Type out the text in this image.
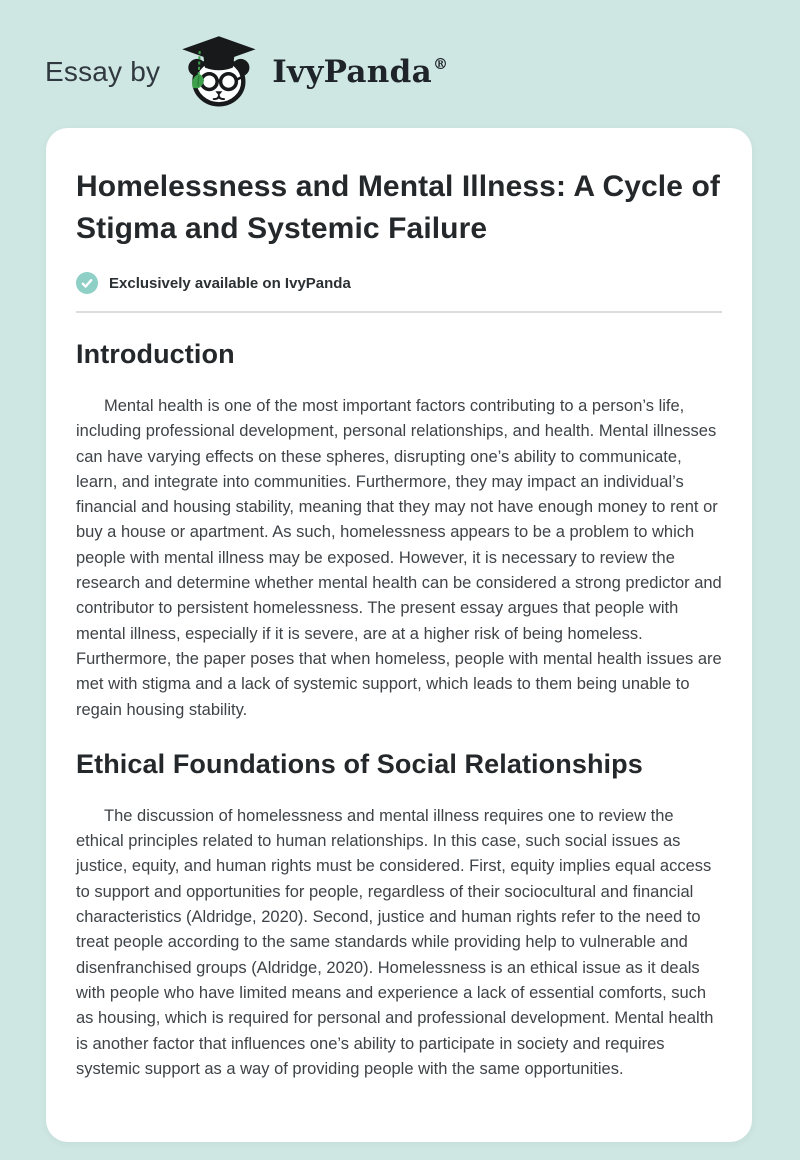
Essay by	IvyPanda®
Homelessness and Mental Illness: A Cycle of Stigma and Systemic Failure
Exclusively available on IvyPanda
Introduction

Mental health is one of the most important factors contributing to a person’s life, including professional development, personal relationships, and health. Mental illnesses can have varying effects on these spheres, disrupting one’s ability to communicate, learn, and integrate into communities. Furthermore, they may impact an individual’s financial and housing stability, meaning that they may not have enough money to rent or buy a house or apartment. As such, homelessness appears to be a problem to which people with mental illness may be exposed. However, it is necessary to review the research and determine whether mental health can be considered a strong predictor and contributor to persistent homelessness. The present essay argues that people with mental illness, especially if it is severe, are at a higher risk of being homeless. Furthermore, the paper poses that when homeless, people with mental health issues are met with stigma and a lack of systemic support, which leads to them being unable to regain housing stability.

Ethical Foundations of Social Relationships

The discussion of homelessness and mental illness requires one to review the ethical principles related to human relationships. In this case, such social issues as justice, equity, and human rights must be considered. First, equity implies equal access to support and opportunities for people, regardless of their sociocultural and financial characteristics (Aldridge, 2020). Second, justice and human rights refer to the need to treat people according to the same standards while providing help to vulnerable and disenfranchised groups (Aldridge, 2020). Homelessness is an ethical issue as it deals with people who have limited means and experience a lack of essential comforts, such as housing, which is required for personal and professional development. Mental health is another factor that influences one’s ability to participate in society and requires systemic support as a way of providing people with the same opportunities.
